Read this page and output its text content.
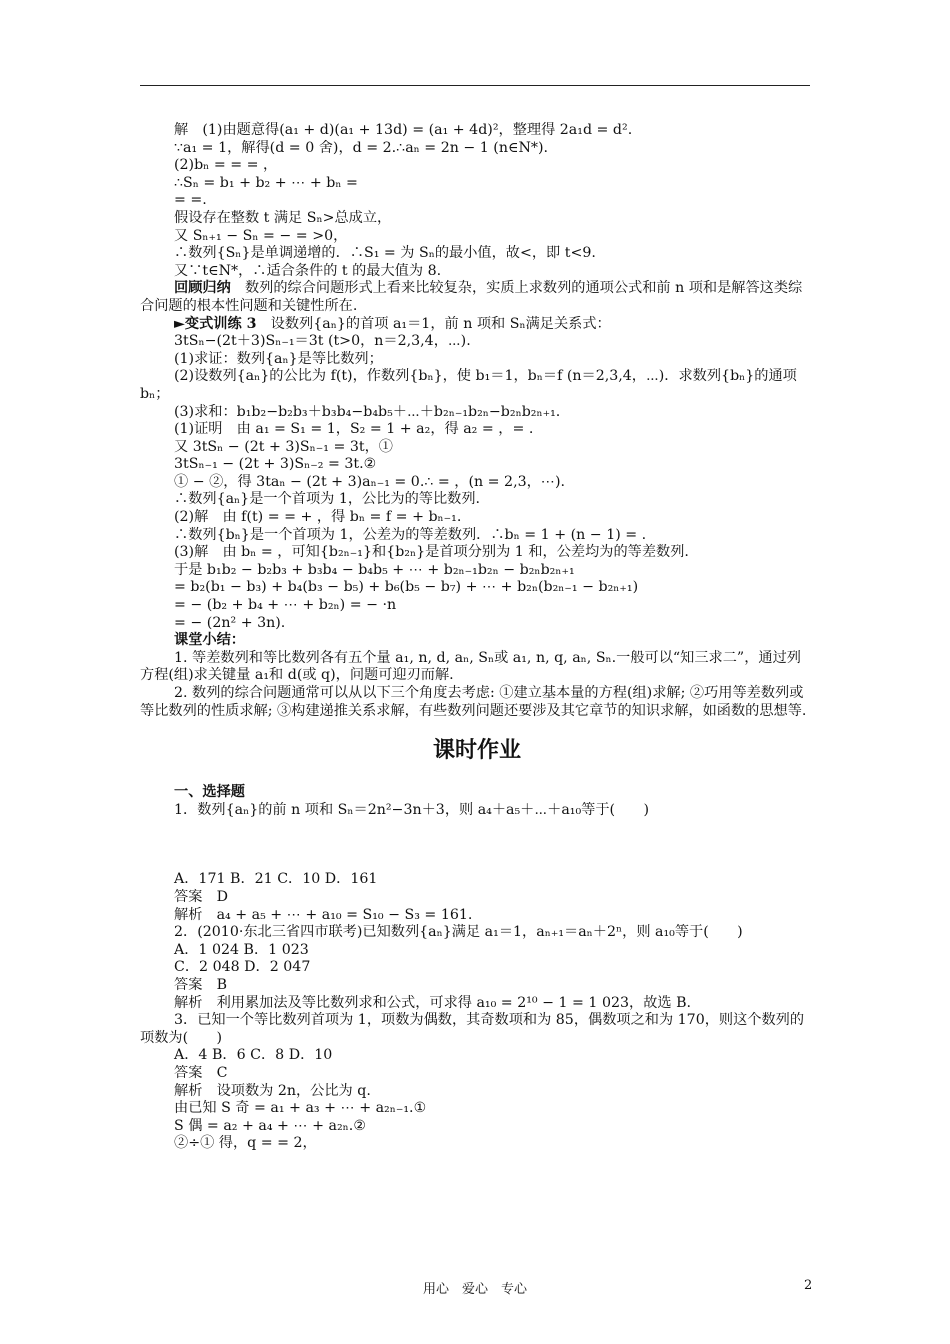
解　(1)由题意得(a₁ + d)(a₁ + 13d) = (a₁ + 4d)²，整理得 2a₁d = d².
∵a₁ = 1，解得(d = 0 舍)，d = 2.∴aₙ = 2n − 1 (n∈N*).
(2)bₙ = = = ，
∴Sₙ = b₁ + b₂ + ⋯ + bₙ =
= =.
假设存在整数 t 满足 Sₙ>总成立，
又 Sₙ₊₁ − Sₙ = − = >0，
∴数列{Sₙ}是单调递增的．∴S₁ = 为 Sₙ的最小值，故<，即 t<9.
又∵t∈N*，∴适合条件的 t 的最大值为 8.
回顾归纳　数列的综合问题形式上看来比较复杂，实质上求数列的通项公式和前 n 项和是解答这类综合问题的根本性问题和关键性所在.
►变式训练 3　设数列{aₙ}的首项 a₁＝1，前 n 项和 Sₙ满足关系式：
3tSₙ−(2t＋3)Sₙ₋₁＝3t (t>0，n＝2,3,4，⋯).
(1)求证：数列{aₙ}是等比数列；
(2)设数列{aₙ}的公比为 f(t)，作数列{bₙ}，使 b₁＝1，bₙ＝f (n＝2,3,4，⋯)．求数列{bₙ}的通项 bₙ；
(3)求和：b₁b₂−b₂b₃＋b₃b₄−b₄b₅＋⋯＋b₂ₙ₋₁b₂ₙ−b₂ₙb₂ₙ₊₁.
(1)证明　由 a₁ = S₁ = 1，S₂ = 1 + a₂，得 a₂ = ，= .
又 3tSₙ − (2t + 3)Sₙ₋₁ = 3t，①
3tSₙ₋₁ − (2t + 3)Sₙ₋₂ = 3t.②
① − ②，得 3taₙ − (2t + 3)aₙ₋₁ = 0.∴ = ，(n = 2,3，⋯).
∴数列{aₙ}是一个首项为 1，公比为的等比数列.
(2)解　由 f(t) = = + ，得 bₙ = f = + bₙ₋₁.
∴数列{bₙ}是一个首项为 1，公差为的等差数列．∴bₙ = 1 + (n − 1) = .
(3)解　由 bₙ = ，可知{b₂ₙ₋₁}和{b₂ₙ}是首项分别为 1 和，公差均为的等差数列.
于是 b₁b₂ − b₂b₃ + b₃b₄ − b₄b₅ + ⋯ + b₂ₙ₋₁b₂ₙ − b₂ₙb₂ₙ₊₁
= b₂(b₁ − b₃) + b₄(b₃ − b₅) + b₆(b₅ − b₇) + ⋯ + b₂ₙ(b₂ₙ₋₁ − b₂ₙ₊₁)
= − (b₂ + b₄ + ⋯ + b₂ₙ) = − ·n
= − (2n² + 3n).
课堂小结：
1. 等差数列和等比数列各有五个量 a₁, n, d, aₙ, Sₙ或 a₁, n, q, aₙ, Sₙ.一般可以“知三求二”，通过列方程(组)求关键量 a₁和 d(或 q)，问题可迎刃而解.
2. 数列的综合问题通常可以从以下三个角度去考虑: ①建立基本量的方程(组)求解; ②巧用等差数列或等比数列的性质求解; ③构建递推关系求解，有些数列问题还要涉及其它章节的知识求解，如函数的思想等.
课时作业
一、选择题
1．数列{aₙ}的前 n 项和 Sₙ＝2n²−3n＋3，则 a₄＋a₅＋⋯＋a₁₀等于(　　)
A．171 B．21 C．10 D．161
答案　D
解析　a₄ + a₅ + ⋯ + a₁₀ = S₁₀ − S₃ = 161.
2．(2010·东北三省四市联考)已知数列{aₙ}满足 a₁＝1，aₙ₊₁＝aₙ＋2ⁿ，则 a₁₀等于(　　)
A．1 024 B．1 023
C．2 048 D．2 047
答案　B
解析　利用累加法及等比数列求和公式，可求得 a₁₀ = 2¹⁰ − 1 = 1 023，故选 B.
3．已知一个等比数列首项为 1，项数为偶数，其奇数项和为 85，偶数项之和为 170，则这个数列的项数为(　　)
A．4 B．6 C．8 D．10
答案　C
解析　设项数为 2n，公比为 q.
由已知 S 奇 = a₁ + a₃ + ⋯ + a₂ₙ₋₁.①
S 偶 = a₂ + a₄ + ⋯ + a₂ₙ.②
②÷① 得，q = = 2，
用心　爱心　专心	2
